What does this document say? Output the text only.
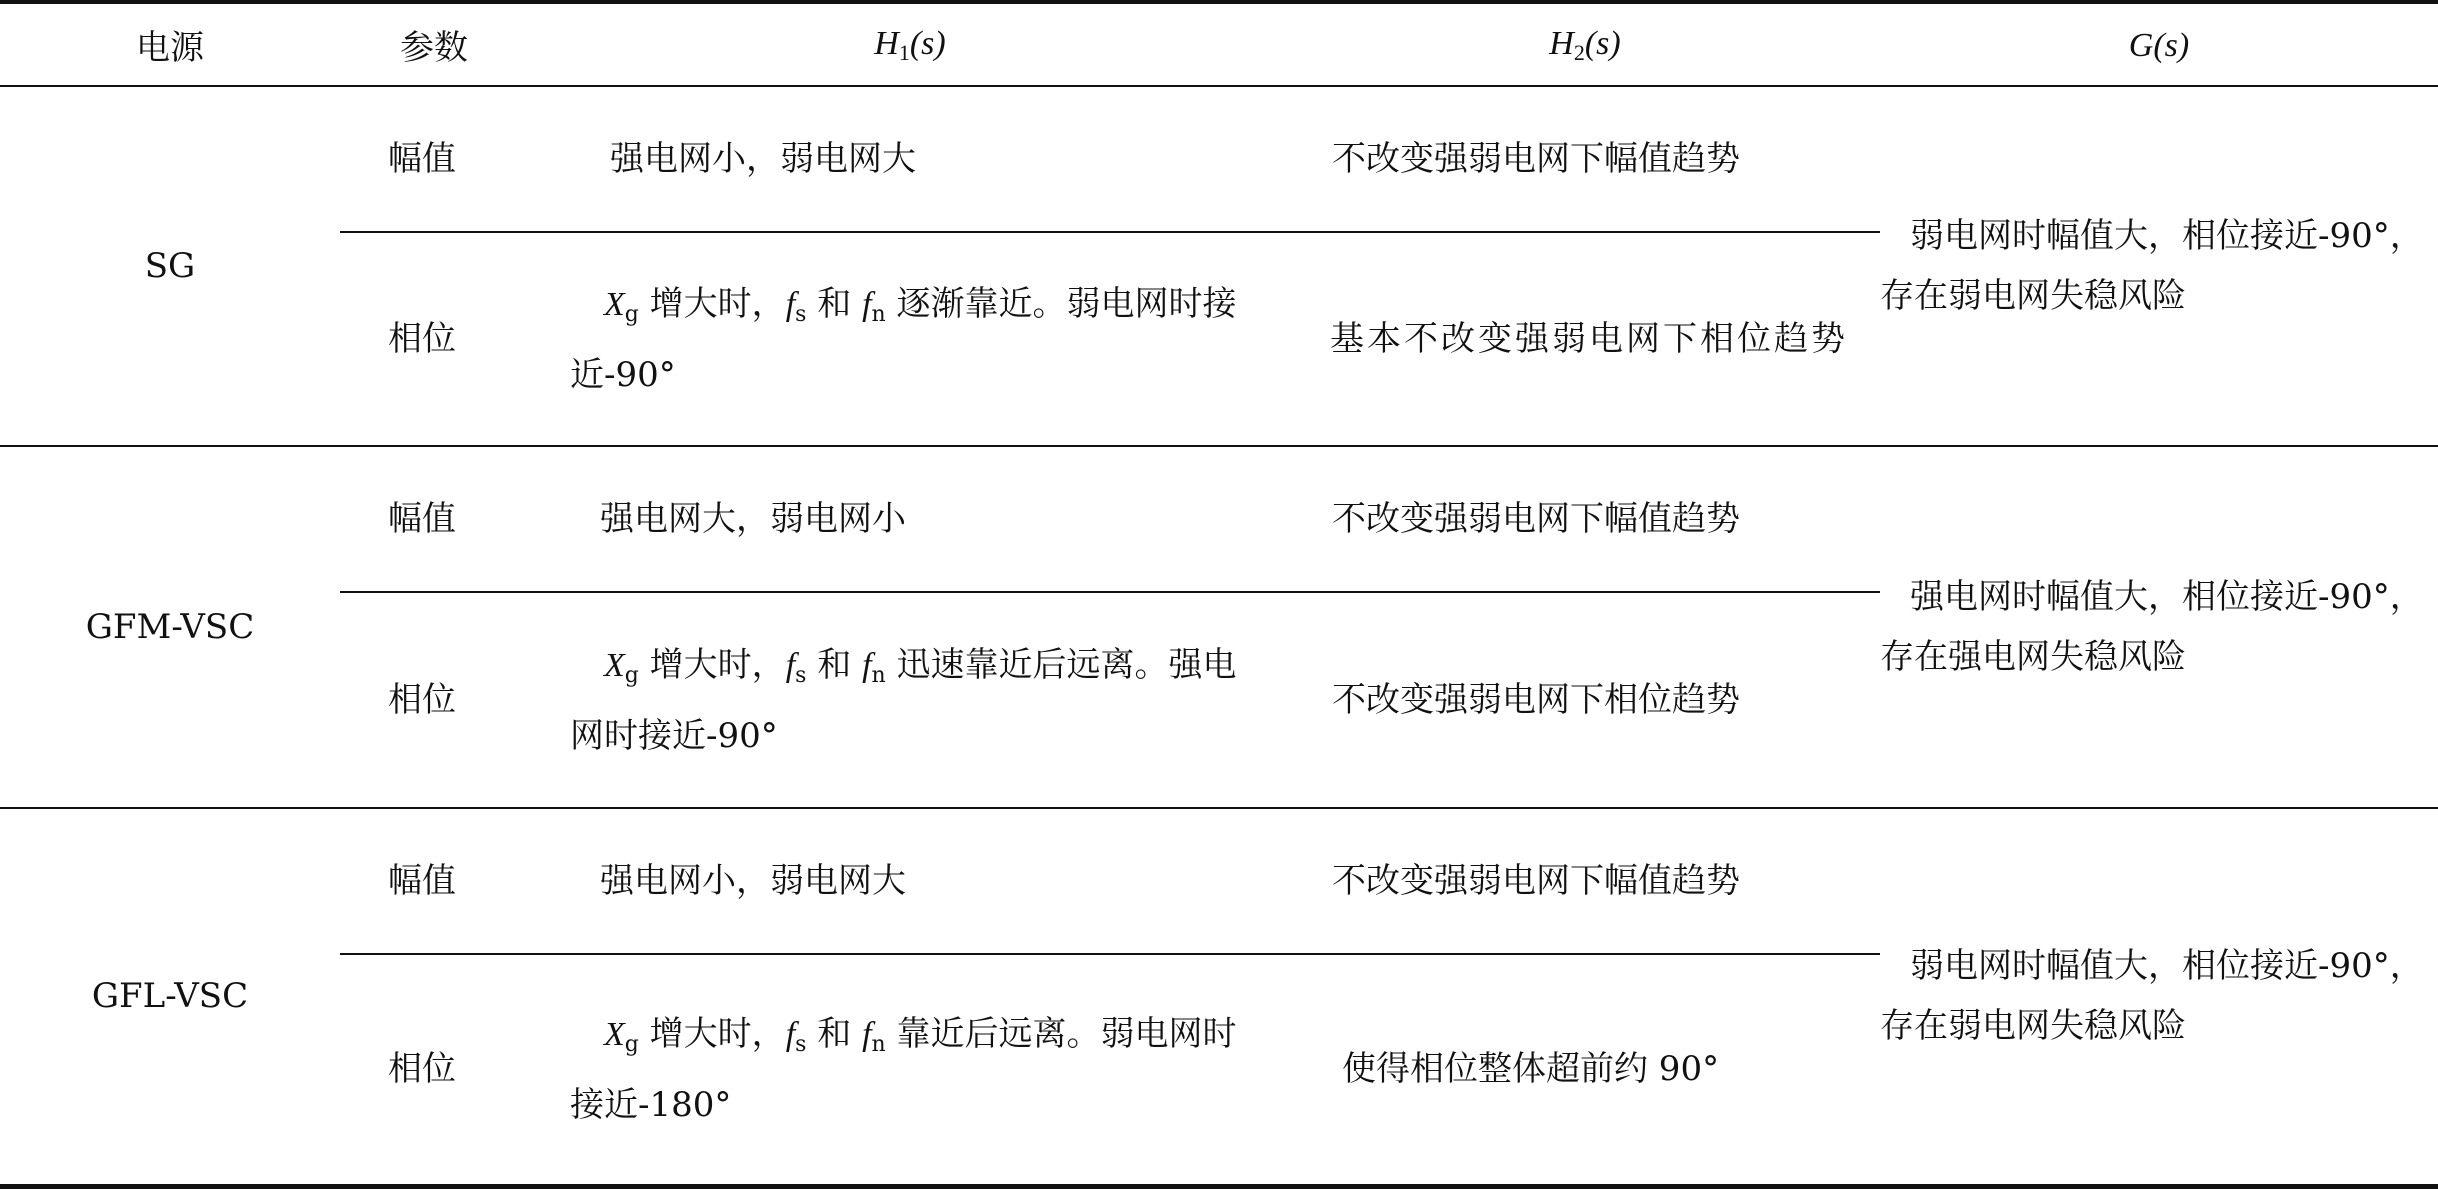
电源	参数	$H_1(s)$	$H_2(s)$	G(s)
SG	幅值	强电网小，弱电网大	不改变强弱电网下幅值趋势	弱电网时幅值大，相位接近-90°，存在弱电网失稳风险

	相位	$X_g$ 增大时，$f_s$ 和 $f_n$ 逐渐靠近。弱电网时接近-90°	基本不改变强弱电网下相位趋势	

GFM-VSC	幅值	强电网大，弱电网小	不改变强弱电网下幅值趋势	强电网时幅值大，相位接近-90°，存在强电网失稳风险

	相位	$X_g$ 增大时，$f_s$ 和 $f_n$ 迅速靠近后远离。强电网时接近-90°	不改变强弱电网下相位趋势	

GFL-VSC	幅值	强电网小，弱电网大	不改变强弱电网下幅值趋势	弱电网时幅值大，相位接近-90°，存在弱电网失稳风险

	相位	$X_g$ 增大时，$f_s$ 和 $f_n$ 靠近后远离。弱电网时接近-180°	使得相位整体超前约 90°	
